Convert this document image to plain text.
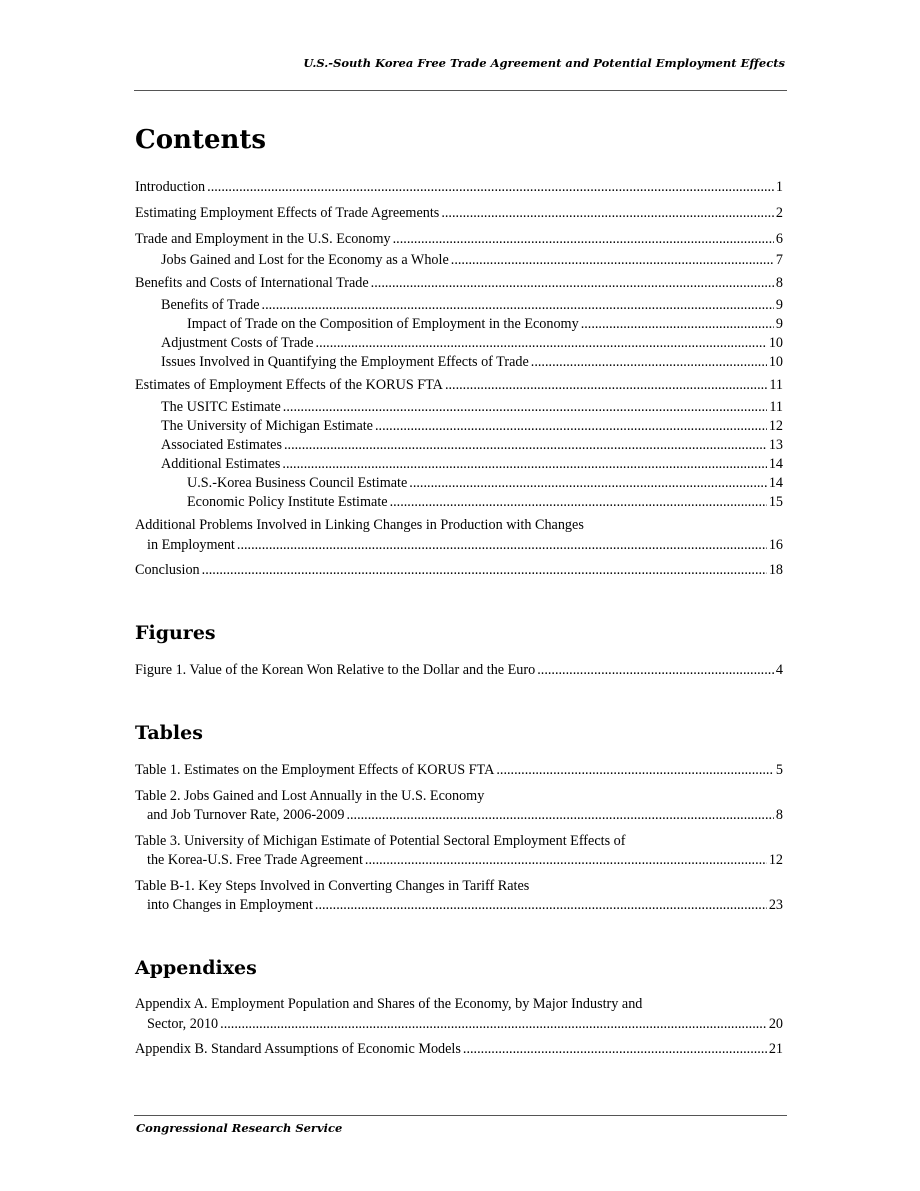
U.S.-South Korea Free Trade Agreement and Potential Employment Effects
Contents
Introduction .....	1
Estimating Employment Effects of Trade Agreements .....	2
Trade and Employment in the U.S. Economy .....	6
Jobs Gained and Lost for the Economy as a Whole .....	7
Benefits and Costs of International Trade .....	8
Benefits of Trade .....	9
Impact of Trade on the Composition of Employment in the Economy .....	9
Adjustment Costs of Trade .....	10
Issues Involved in Quantifying the Employment Effects of Trade .....	10
Estimates of Employment Effects of the KORUS FTA .....	11
The USITC Estimate .....	11
The University of Michigan Estimate .....	12
Associated Estimates .....	13
Additional Estimates .....	14
U.S.-Korea Business Council Estimate .....	14
Economic Policy Institute Estimate .....	15
Additional Problems Involved in Linking Changes in Production with Changes
in Employment .....	16
Conclusion .....	18
Figures
Figure 1. Value of the Korean Won Relative to the Dollar and the Euro .....	4
Tables
Table 1. Estimates on the Employment Effects of KORUS FTA .....	5
Table 2. Jobs Gained and Lost Annually in the U.S. Economy
and Job Turnover Rate, 2006-2009 .....	8
Table 3. University of Michigan Estimate of Potential Sectoral Employment Effects of
the Korea-U.S. Free Trade Agreement .....	12
Table B-1. Key Steps Involved in Converting Changes in Tariff Rates
into Changes in Employment .....	23
Appendixes
Appendix A. Employment Population and Shares of the Economy, by Major Industry and
Sector, 2010 .....	20
Appendix B. Standard Assumptions of Economic Models .....	21
Congressional Research Service
